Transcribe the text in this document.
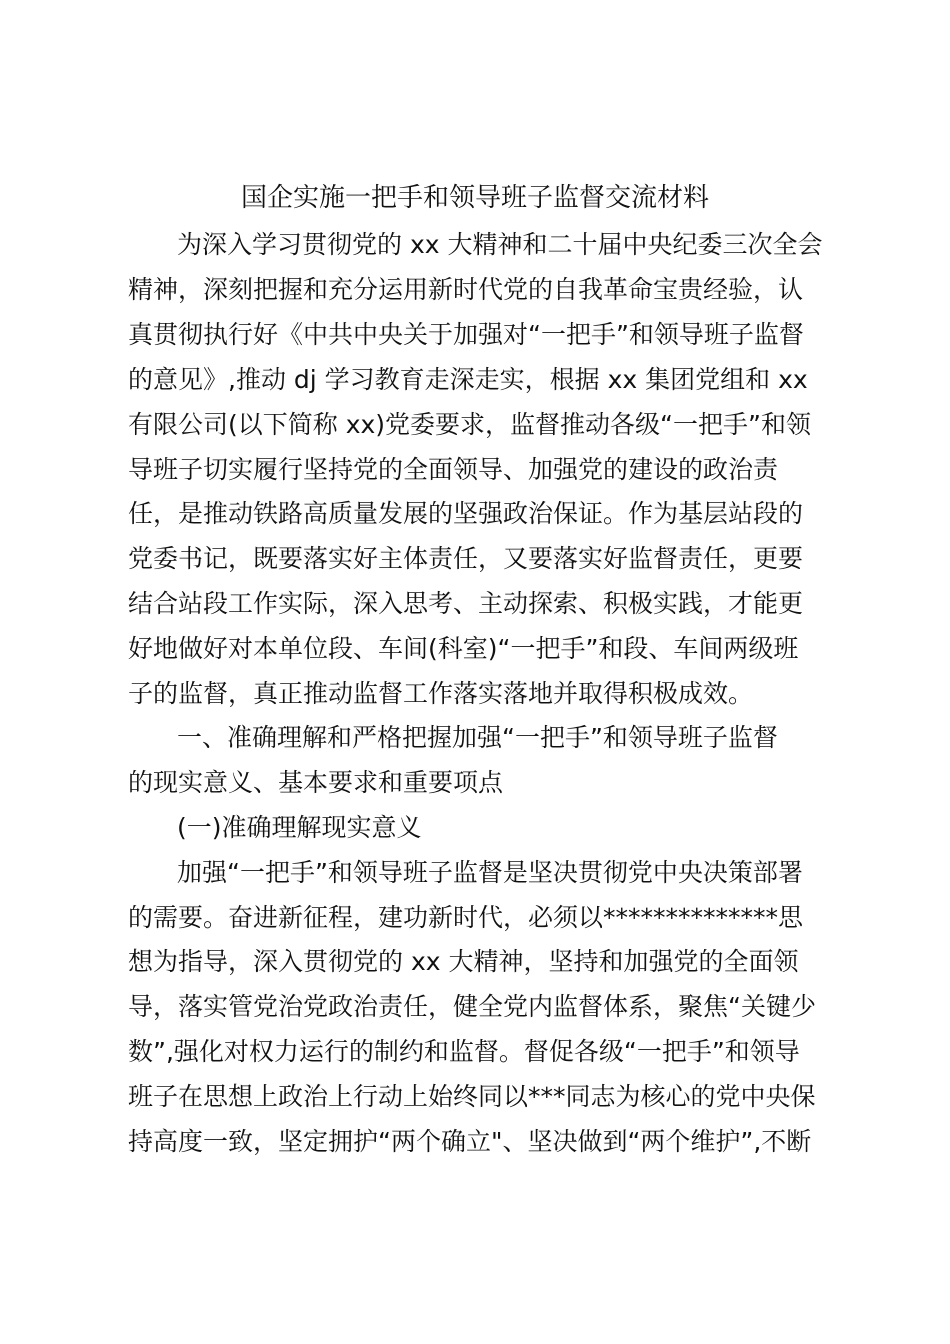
国企实施一把手和领导班子监督交流材料
为深入学习贯彻党的 xx 大精神和二十届中央纪委三次全会
精神，深刻把握和充分运用新时代党的自我革命宝贵经验，认
真贯彻执行好《中共中央关于加强对“一把手”和领导班子监督
的意见》,推动 dj 学习教育走深走实，根据 xx 集团党组和 xx
有限公司(以下简称 xx)党委要求，监督推动各级“一把手”和领
导班子切实履行坚持党的全面领导、加强党的建设的政治责
任，是推动铁路高质量发展的坚强政治保证。作为基层站段的
党委书记，既要落实好主体责任，又要落实好监督责任，更要
结合站段工作实际，深入思考、主动探索、积极实践，才能更
好地做好对本单位段、车间(科室)“一把手”和段、车间两级班
子的监督，真正推动监督工作落实落地并取得积极成效。
一、准确理解和严格把握加强“一把手”和领导班子监督
的现实意义、基本要求和重要项点
(一)准确理解现实意义
加强“一把手”和领导班子监督是坚决贯彻党中央决策部署
的需要。奋进新征程，建功新时代，必须以**************思
想为指导，深入贯彻党的 xx 大精神，坚持和加强党的全面领
导，落实管党治党政治责任，健全党内监督体系，聚焦“关键少
数”,强化对权力运行的制约和监督。督促各级“一把手”和领导
班子在思想上政治上行动上始终同以***同志为核心的党中央保
持高度一致，坚定拥护“两个确立"、坚决做到“两个维护”,不断
